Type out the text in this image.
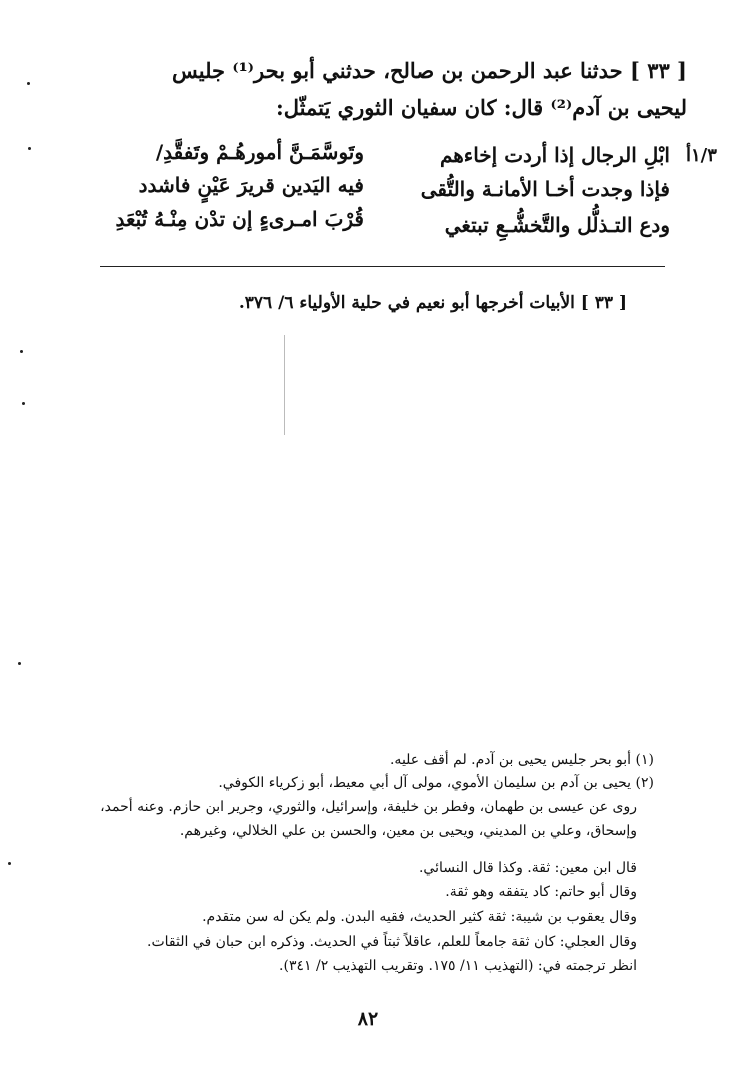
[ ٣٣ ] حدثنا عبد الرحمن بن صالح، حدثني أبو بحر⁽¹⁾ جليس
ليحيى بن آدم⁽²⁾ قال: كان سفيان الثوري يَتمثّل:
١/٣أ
ابْلِ الرجال إذا أردت إخاءهم
وتَوسَّمَـنَّ أمورهُـمْ وتَفقَّدِ/
فإذا وجدت أخـا الأمانـة والتُّقى
فيه اليَدين قريرَ عَيْنٍ فاشدد
ودع التـذلُّل والتَّخشُّـعِ تبتغي
قُرْبَ امـرىءٍ إن تدْن مِنْـهُ تُبْعَدِ
[ ٣٣ ] الأبيات أخرجها أبو نعيم في حلية الأولياء ٦/ ٣٧٦.
(١) أبو بحر جليس يحيى بن آدم. لم أقف عليه.
(٢) يحيى بن آدم بن سليمان الأموي، مولى آل أبي معيط، أبو زكرياء الكوفي.
روى عن عيسى بن طهمان، وفطر بن خليفة، وإسرائيل، والثوري، وجرير ابن حازم. وعنه أحمد،
وإسحاق، وعلي بن المديني، ويحيى بن معين، والحسن بن علي الخلالي، وغيرهم.
قال ابن معين: ثقة. وكذا قال النسائي.
وقال أبو حاتم: كاد يتفقه وهو ثقة.
وقال يعقوب بن شيبة: ثقة كثير الحديث، فقيه البدن. ولم يكن له سن متقدم.
وقال العجلي: كان ثقة جامعاً للعلم، عاقلاً ثبتاً في الحديث. وذكره ابن حبان في الثقات.
انظر ترجمته في: (التهذيب ١١/ ١٧٥. وتقريب التهذيب ٢/ ٣٤١).
٨٢
